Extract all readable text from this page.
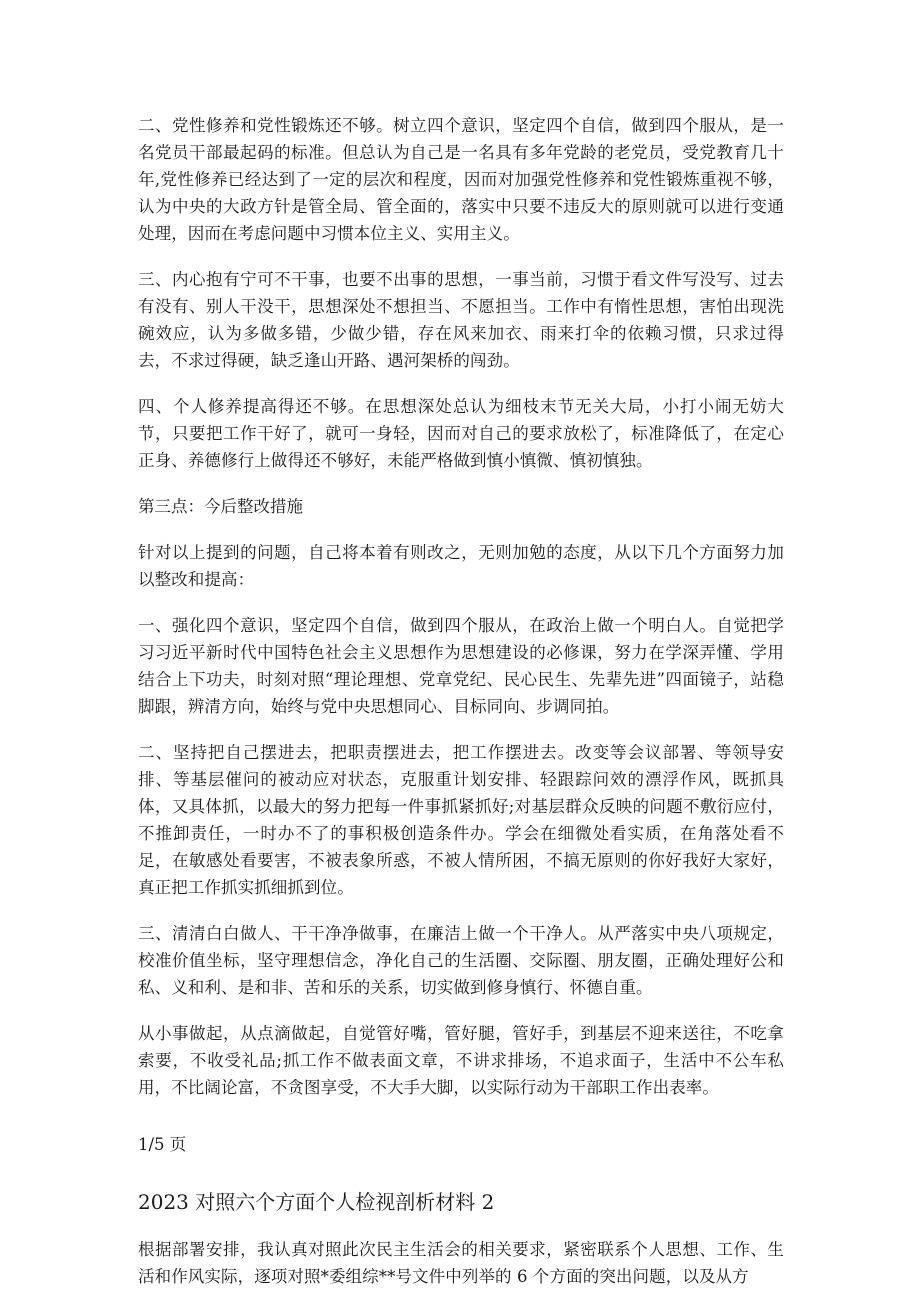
二、党性修养和党性锻炼还不够。树立四个意识，坚定四个自信，做到四个服从，是一名党员干部最起码的标准。但总认为自己是一名具有多年党龄的老党员，受党教育几十年,党性修养已经达到了一定的层次和程度，因而对加强党性修养和党性锻炼重视不够，认为中央的大政方针是管全局、管全面的，落实中只要不违反大的原则就可以进行变通处理，因而在考虑问题中习惯本位主义、实用主义。

三、内心抱有宁可不干事，也要不出事的思想，一事当前，习惯于看文件写没写、过去有没有、别人干没干，思想深处不想担当、不愿担当。工作中有惰性思想，害怕出现洗碗效应，认为多做多错，少做少错，存在风来加衣、雨来打伞的依赖习惯，只求过得去，不求过得硬，缺乏逢山开路、遇河架桥的闯劲。

四、个人修养提高得还不够。在思想深处总认为细枝末节无关大局，小打小闹无妨大节，只要把工作干好了，就可一身轻，因而对自己的要求放松了，标准降低了，在定心正身、养德修行上做得还不够好，未能严格做到慎小慎微、慎初慎独。

第三点：今后整改措施

针对以上提到的问题，自己将本着有则改之，无则加勉的态度，从以下几个方面努力加以整改和提高：

一、强化四个意识，坚定四个自信，做到四个服从，在政治上做一个明白人。自觉把学习习近平新时代中国特色社会主义思想作为思想建设的必修课，努力在学深弄懂、学用结合上下功夫，时刻对照“理论理想、党章党纪、民心民生、先辈先进”四面镜子，站稳脚跟，辨清方向，始终与党中央思想同心、目标同向、步调同拍。

二、坚持把自己摆进去，把职责摆进去，把工作摆进去。改变等会议部署、等领导安排、等基层催问的被动应对状态，克服重计划安排、轻跟踪问效的漂浮作风，既抓具体，又具体抓，以最大的努力把每一件事抓紧抓好;对基层群众反映的问题不敷衍应付，不推卸责任，一时办不了的事积极创造条件办。学会在细微处看实质，在角落处看不足，在敏感处看要害，不被表象所惑，不被人情所困，不搞无原则的你好我好大家好，真正把工作抓实抓细抓到位。

三、清清白白做人、干干净净做事，在廉洁上做一个干净人。从严落实中央八项规定，校准价值坐标，坚守理想信念，净化自己的生活圈、交际圈、朋友圈，正确处理好公和私、义和利、是和非、苦和乐的关系，切实做到修身慎行、怀德自重。

从小事做起，从点滴做起，自觉管好嘴，管好腿，管好手，到基层不迎来送往，不吃拿索要，不收受礼品;抓工作不做表面文章，不讲求排场，不追求面子，生活中不公车私用，不比阔论富，不贪图享受，不大手大脚，以实际行动为干部职工作出表率。

1/5 页

2023 对照六个方面个人检视剖析材料 2

根据部署安排，我认真对照此次民主生活会的相关要求，紧密联系个人思想、工作、生活和作风实际，逐项对照*委组综**号文件中列举的 6 个方面的突出问题，以及从方
